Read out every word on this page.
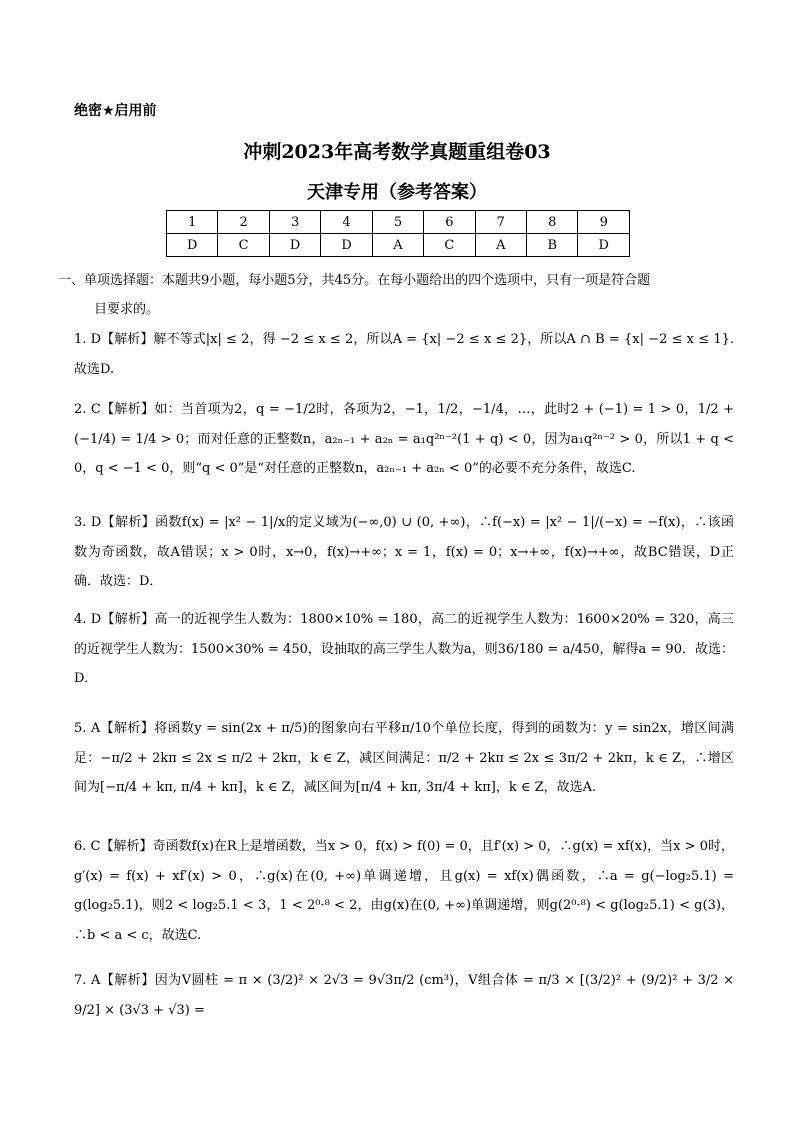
绝密★启用前
冲刺2023年高考数学真题重组卷03
天津专用（参考答案）
1	2	3	4	5	6	7	8	9
D	C	D	D	A	C	A	B	D
一、单项选择题：本题共9小题，每小题5分，共45分。在每小题给出的四个选项中，只有一项是符合题
目要求的。
1. D【解析】解不等式|x| ≤ 2，得 −2 ≤ x ≤ 2，所以A = {x| −2 ≤ x ≤ 2}，所以A ∩ B = {x| −2 ≤ x ≤ 1}.故选D.
2. C【解析】如：当首项为2，q = −1/2时，各项为2，−1，1/2，−1/4，…，此时2 + (−1) = 1 > 0，1/2 + (−1/4) = 1/4 > 0；而对任意的正整数n，a₂ₙ₋₁ + a₂ₙ = a₁q²ⁿ⁻²(1 + q) < 0，因为a₁q²ⁿ⁻² > 0，所以1 + q < 0，q < −1 < 0，则“q < 0”是“对任意的正整数n，a₂ₙ₋₁ + a₂ₙ < 0”的必要不充分条件，故选C.
3. D【解析】函数f(x) = |x² − 1|/x的定义域为(−∞,0) ∪ (0, +∞)，∴f(−x) = |x² − 1|/(−x) = −f(x)，∴该函数为奇函数，故A错误；x > 0时，x→0，f(x)→+∞；x = 1，f(x) = 0；x→+∞，f(x)→+∞，故BC错误，D正确．故选：D．
4. D【解析】高一的近视学生人数为：1800×10% = 180，高二的近视学生人数为：1600×20% = 320，高三的近视学生人数为：1500×30% = 450，设抽取的高三学生人数为a，则36/180 = a/450，解得a = 90．故选：D．
5. A【解析】将函数y = sin(2x + π/5)的图象向右平移π/10个单位长度，得到的函数为：y = sin2x，增区间满足：−π/2 + 2kπ ≤ 2x ≤ π/2 + 2kπ，k ∈ Z，减区间满足：π/2 + 2kπ ≤ 2x ≤ 3π/2 + 2kπ，k ∈ Z，∴增区间为[−π/4 + kπ, π/4 + kπ]，k ∈ Z，减区间为[π/4 + kπ, 3π/4 + kπ]，k ∈ Z，故选A.
6. C【解析】奇函数f(x)在R上是增函数，当x > 0，f(x) > f(0) = 0，且f′(x) > 0，∴g(x) = xf(x)，当x > 0时，g′(x) = f(x) + xf′(x) > 0，∴g(x)在(0, +∞)单调递增，且g(x) = xf(x)偶函数，∴a = g(−log₂5.1) = g(log₂5.1)，则2 < log₂5.1 < 3，1 < 2⁰·⁸ < 2，由g(x)在(0, +∞)单调递增，则g(2⁰·⁸) < g(log₂5.1) < g(3)，∴b < a < c，故选C.
7. A【解析】因为V圆柱 = π × (3/2)² × 2√3 = 9√3π/2 (cm³)，V组合体 = π/3 × [(3/2)² + (9/2)² + 3/2 × 9/2] × (3√3 + √3) =
